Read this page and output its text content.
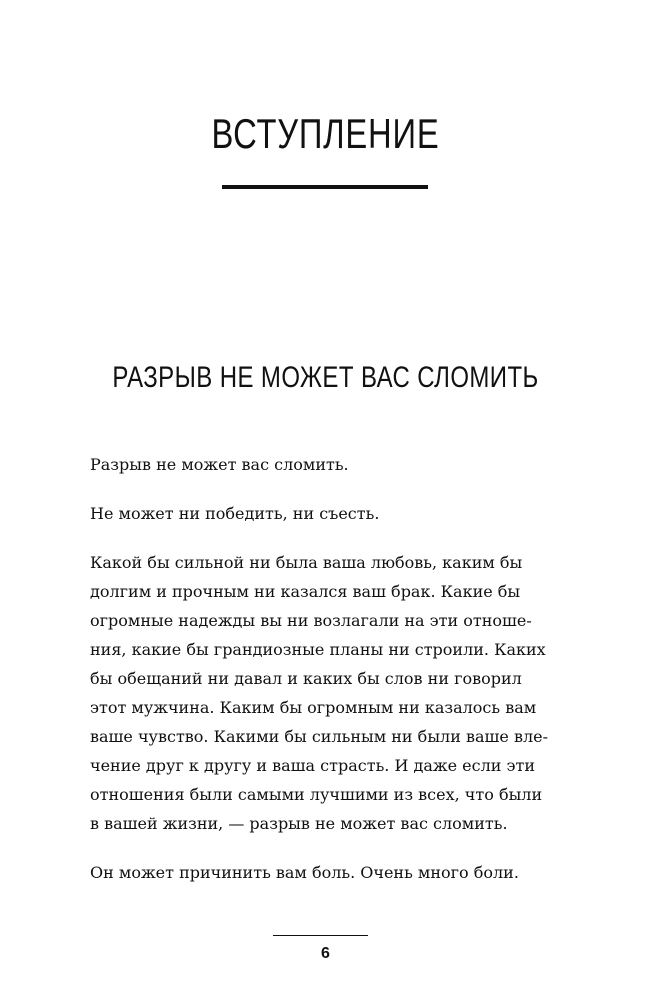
ВСТУПЛЕНИЕ
РАЗРЫВ НЕ МОЖЕТ ВАС СЛОМИТЬ

Разрыв не может вас сломить.

Не может ни победить, ни съесть.

Какой бы сильной ни была ваша любовь, каким бы
долгим и прочным ни казался ваш брак. Какие бы
огромные надежды вы ни возлагали на эти отноше-
ния, какие бы грандиозные планы ни строили. Каких
бы обещаний ни давал и каких бы слов ни говорил
этот мужчина. Каким бы огромным ни казалось вам
ваше чувство. Какими бы сильным ни были ваше вле-
чение друг к другу и ваша страсть. И даже если эти
отношения были самыми лучшими из всех, что были
в вашей жизни, — разрыв не может вас сломить.

Он может причинить вам боль. Очень много боли.

6
